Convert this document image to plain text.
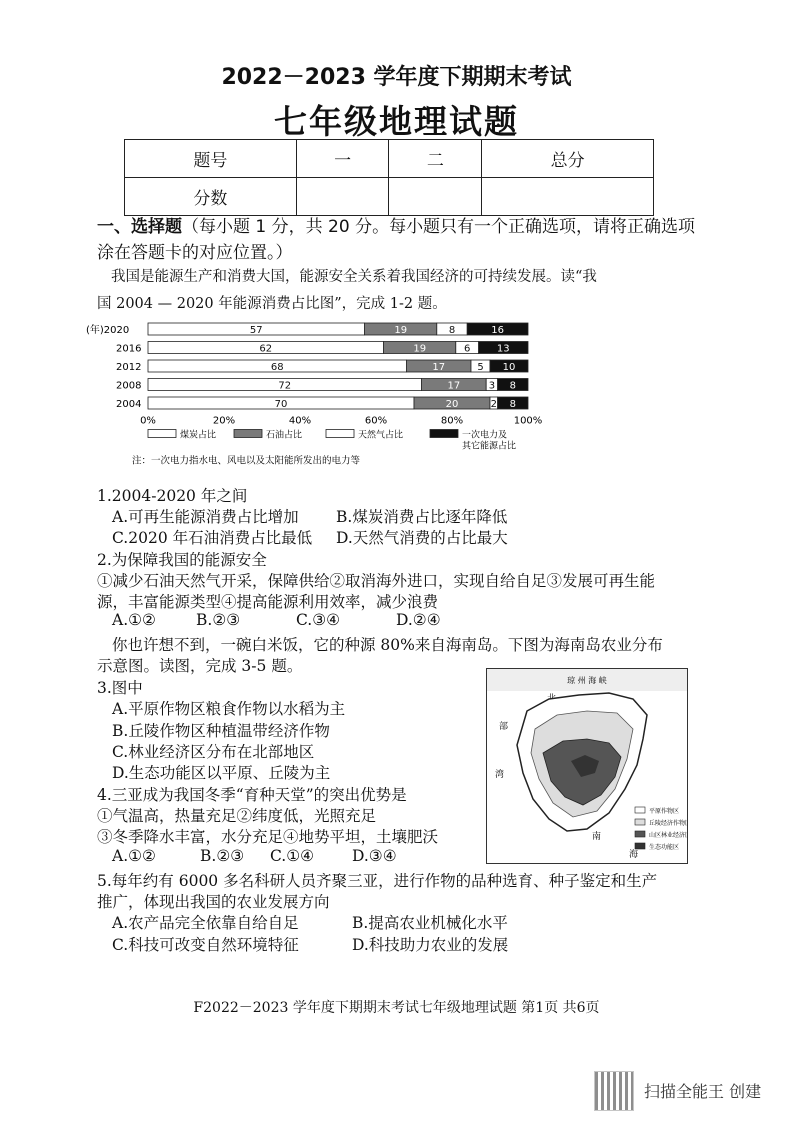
2022－2023 学年度下期期末考试
七年级地理试题
题号	一	二	总分
分数			
一、选择题（每小题 1 分，共 20 分。每小题只有一个正确选项，请将正确选项涂在答题卡的对应位置。）
我国是能源生产和消费大国，能源安全关系着我国经济的可持续发展。读“我
国 2004 — 2020 年能源消费占比图”，完成 1-2 题。
(年)2020	57	19	8	16
2016	62	19	6	13
2012	68	17	5 10
2008	72	17	3 8
2004	70	20	2 8
0%	20%	40%	60%	80%	100%
煤炭占比	石油占比	天然气占比	一次电力及
其它能源占比
注：一次电力指水电、风电以及太阳能所发出的电力等
1.2004-2020 年之间
A.可再生能源消费占比增加 B.煤炭消费占比逐年降低
C.2020 年石油消费占比最低 D.天然气消费的占比最大
2.为保障我国的能源安全
①减少石油天然气开采，保障供给②取消海外进口，实现自给自足③发展可再生能
源，丰富能源类型④提高能源利用效率，减少浪费
A.①②	B.②③	C.③④	D.②④
你也许想不到，一碗白米饭，它的种源 80%来自海南岛。下图为海南岛农业分布
示意图。读图，完成 3-5 题。
3.图中
A.平原作物区粮食作物以水稻为主
B.丘陵作物区种植温带经济作物
C.林业经济区分布在北部地区
D.生态功能区以平原、丘陵为主
琼 州 海 峡
部
湾
南
海
平原作物区
丘陵经济作物区
山区林业经济区
生态功能区
4.三亚成为我国冬季“育种天堂”的突出优势是
①气温高，热量充足②纬度低，光照充足
③冬季降水丰富，水分充足④地势平坦，土壤肥沃
A.①②	B.②③ C.①④ D.③④
5.每年约有 6000 多名科研人员齐聚三亚，进行作物的品种选育、种子鉴定和生产
推广，体现出我国的农业发展方向
A.农产品完全依靠自给自足	B.提高农业机械化水平
C.科技可改变自然环境特征	D.科技助力农业的发展
F2022－2023 学年度下期期末考试七年级地理试题 第1页 共6页
扫描全能王 创建
